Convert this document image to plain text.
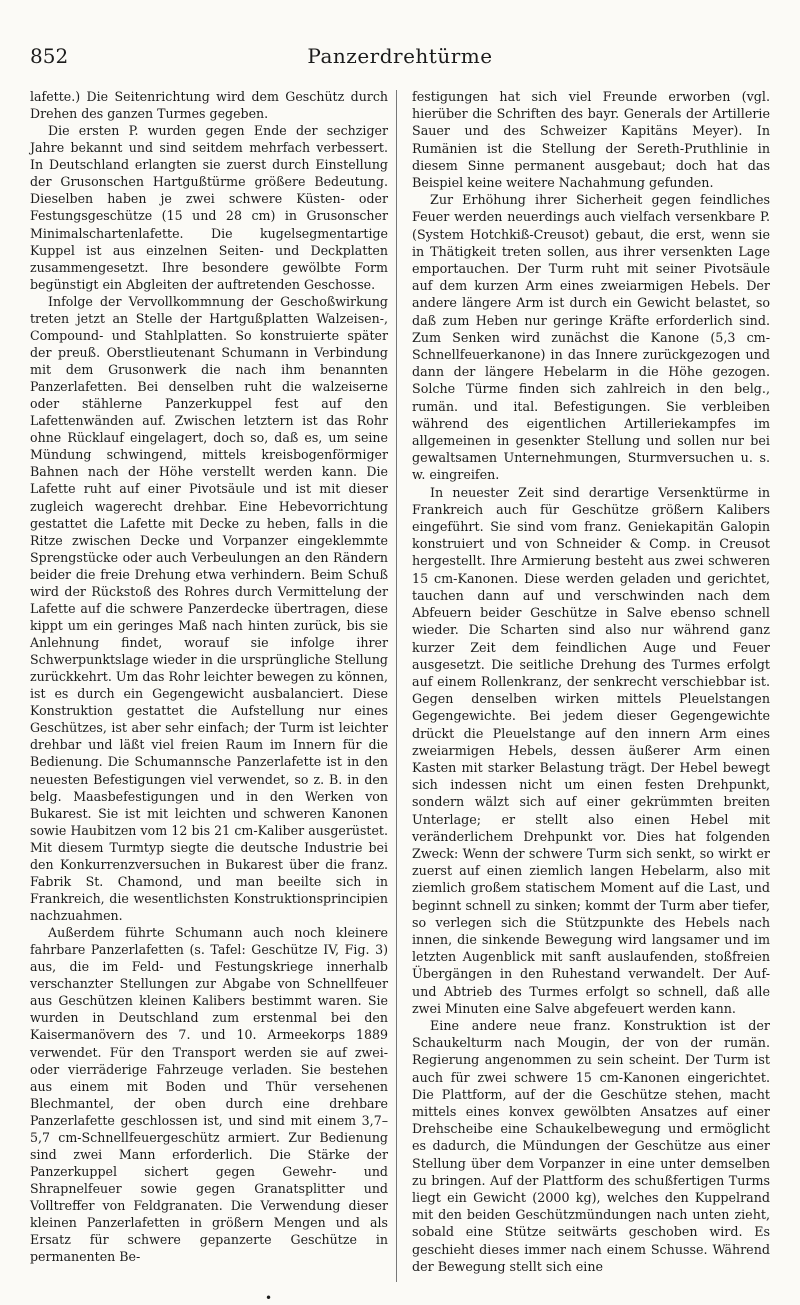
852	Panzerdrehtürme

lafette.) Die Seitenrichtung wird dem Geschütz durch Drehen des ganzen Turmes gegeben.

Die ersten P. wurden gegen Ende der sechziger Jahre bekannt und sind seitdem mehrfach verbessert. In Deutschland erlangten sie zuerst durch Einstellung der Grusonschen Hartgußtürme größere Bedeutung. Dieselben haben je zwei schwere Küsten- oder Festungsgeschütze (15 und 28 cm) in Grusonscher Minimalschartenlafette. Die kugelsegmentartige Kuppel ist aus einzelnen Seiten- und Deckplatten zusammengesetzt. Ihre besondere gewölbte Form begünstigt ein Abgleiten der auftretenden Geschosse.

Infolge der Vervollkommnung der Geschoßwirkung treten jetzt an Stelle der Hartgußplatten Walzeisen-, Compound- und Stahlplatten. So konstruierte später der preuß. Oberstlieutenant Schumann in Verbindung mit dem Grusonwerk die nach ihm benannten Panzerlafetten. Bei denselben ruht die walzeiserne oder stählerne Panzerkuppel fest auf den Lafettenwänden auf. Zwischen letztern ist das Rohr ohne Rücklauf eingelagert, doch so, daß es, um seine Mündung schwingend, mittels kreisbogenförmiger Bahnen nach der Höhe verstellt werden kann. Die Lafette ruht auf einer Pivotsäule und ist mit dieser zugleich wagerecht drehbar. Eine Hebevorrichtung gestattet die Lafette mit Decke zu heben, falls in die Ritze zwischen Decke und Vorpanzer eingeklemmte Sprengstücke oder auch Verbeulungen an den Rändern beider die freie Drehung etwa verhindern. Beim Schuß wird der Rückstoß des Rohres durch Vermittelung der Lafette auf die schwere Panzerdecke übertragen, diese kippt um ein geringes Maß nach hinten zurück, bis sie Anlehnung findet, worauf sie infolge ihrer Schwerpunktslage wieder in die ursprüngliche Stellung zurückkehrt. Um das Rohr leichter bewegen zu können, ist es durch ein Gegengewicht ausbalanciert. Diese Konstruktion gestattet die Aufstellung nur eines Geschützes, ist aber sehr einfach; der Turm ist leichter drehbar und läßt viel freien Raum im Innern für die Bedienung. Die Schumannsche Panzerlafette ist in den neuesten Befestigungen viel verwendet, so z. B. in den belg. Maasbefestigungen und in den Werken von Bukarest. Sie ist mit leichten und schweren Kanonen sowie Haubitzen vom 12 bis 21 cm-Kaliber ausgerüstet. Mit diesem Turmtyp siegte die deutsche Industrie bei den Konkurrenzversuchen in Bukarest über die franz. Fabrik St. Chamond, und man beeilte sich in Frankreich, die wesentlichsten Konstruktionsprincipien nachzuahmen.

Außerdem führte Schumann auch noch kleinere fahrbare Panzerlafetten (s. Tafel: Geschütze IV, Fig. 3) aus, die im Feld- und Festungskriege innerhalb verschanzter Stellungen zur Abgabe von Schnellfeuer aus Geschützen kleinen Kalibers bestimmt waren. Sie wurden in Deutschland zum erstenmal bei den Kaisermanövern des 7. und 10. Armeekorps 1889 verwendet. Für den Transport werden sie auf zwei- oder vierräderige Fahrzeuge verladen. Sie bestehen aus einem mit Boden und Thür versehenen Blechmantel, der oben durch eine drehbare Panzerlafette geschlossen ist, und sind mit einem 3,7–5,7 cm-Schnellfeuergeschütz armiert. Zur Bedienung sind zwei Mann erforderlich. Die Stärke der Panzerkuppel sichert gegen Gewehr- und Shrapnelfeuer sowie gegen Granatsplitter und Volltreffer von Feldgranaten. Die Verwendung dieser kleinen Panzerlafetten in größern Mengen und als Ersatz für schwere gepanzerte Geschütze in permanenten Be-

festigungen hat sich viel Freunde erworben (vgl. hierüber die Schriften des bayr. Generals der Artillerie Sauer und des Schweizer Kapitäns Meyer). In Rumänien ist die Stellung der Sereth-Pruthlinie in diesem Sinne permanent ausgebaut; doch hat das Beispiel keine weitere Nachahmung gefunden.

Zur Erhöhung ihrer Sicherheit gegen feindliches Feuer werden neuerdings auch vielfach versenkbare P. (System Hotchkiß-Creusot) gebaut, die erst, wenn sie in Thätigkeit treten sollen, aus ihrer versenkten Lage emportauchen. Der Turm ruht mit seiner Pivotsäule auf dem kurzen Arm eines zweiarmigen Hebels. Der andere längere Arm ist durch ein Gewicht belastet, so daß zum Heben nur geringe Kräfte erforderlich sind. Zum Senken wird zunächst die Kanone (5,3 cm-Schnellfeuerkanone) in das Innere zurückgezogen und dann der längere Hebelarm in die Höhe gezogen. Solche Türme finden sich zahlreich in den belg., rumän. und ital. Befestigungen. Sie verbleiben während des eigentlichen Artilleriekampfes im allgemeinen in gesenkter Stellung und sollen nur bei gewaltsamen Unternehmungen, Sturmversuchen u. s. w. eingreifen.

In neuester Zeit sind derartige Versenktürme in Frankreich auch für Geschütze größern Kalibers eingeführt. Sie sind vom franz. Geniekapitän Galopin konstruiert und von Schneider & Comp. in Creusot hergestellt. Ihre Armierung besteht aus zwei schweren 15 cm-Kanonen. Diese werden geladen und gerichtet, tauchen dann auf und verschwinden nach dem Abfeuern beider Geschütze in Salve ebenso schnell wieder. Die Scharten sind also nur während ganz kurzer Zeit dem feindlichen Auge und Feuer ausgesetzt. Die seitliche Drehung des Turmes erfolgt auf einem Rollenkranz, der senkrecht verschiebbar ist. Gegen denselben wirken mittels Pleuelstangen Gegengewichte. Bei jedem dieser Gegengewichte drückt die Pleuelstange auf den innern Arm eines zweiarmigen Hebels, dessen äußerer Arm einen Kasten mit starker Belastung trägt. Der Hebel bewegt sich indessen nicht um einen festen Drehpunkt, sondern wälzt sich auf einer gekrümmten breiten Unterlage; er stellt also einen Hebel mit veränderlichem Drehpunkt vor. Dies hat folgenden Zweck: Wenn der schwere Turm sich senkt, so wirkt er zuerst auf einen ziemlich langen Hebelarm, also mit ziemlich großem statischem Moment auf die Last, und beginnt schnell zu sinken; kommt der Turm aber tiefer, so verlegen sich die Stützpunkte des Hebels nach innen, die sinkende Bewegung wird langsamer und im letzten Augenblick mit sanft auslaufenden, stoßfreien Übergängen in den Ruhestand verwandelt. Der Auf- und Abtrieb des Turmes erfolgt so schnell, daß alle zwei Minuten eine Salve abgefeuert werden kann.

Eine andere neue franz. Konstruktion ist der Schaukelturm nach Mougin, der von der rumän. Regierung angenommen zu sein scheint. Der Turm ist auch für zwei schwere 15 cm-Kanonen eingerichtet. Die Plattform, auf der die Geschütze stehen, macht mittels eines konvex gewölbten Ansatzes auf einer Drehscheibe eine Schaukelbewegung und ermöglicht es dadurch, die Mündungen der Geschütze aus einer Stellung über dem Vorpanzer in eine unter demselben zu bringen. Auf der Plattform des schußfertigen Turms liegt ein Gewicht (2000 kg), welches den Kuppelrand mit den beiden Geschützmündungen nach unten zieht, sobald eine Stütze seitwärts geschoben wird. Es geschieht dieses immer nach einem Schusse. Während der Bewegung stellt sich eine

•
